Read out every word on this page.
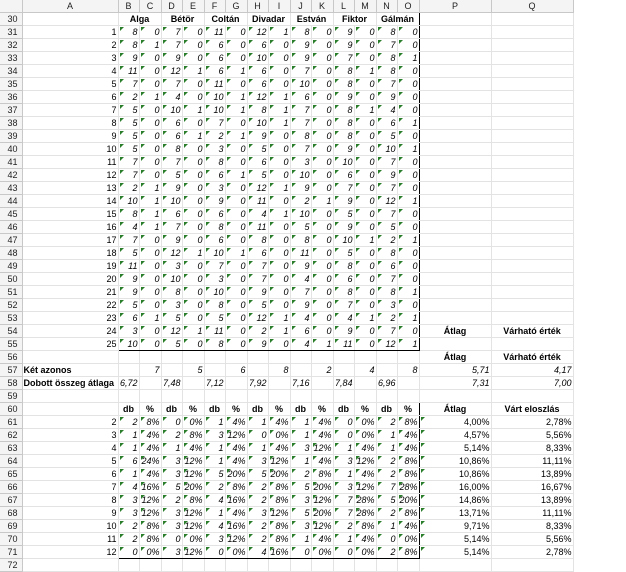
	A	B	C	D	E	F	G	H	I	J	K	L	M	N	O	P	Q
30		Alga		Bétör		Coltán		Divadar		Estván		Fiktor		Gálmán			
31	1	8	0	7	0	11	0	12	1	8	0	9	0	8	0		
32	2	8	1	7	0	6	0	6	0	9	0	9	0	7	0		
33	3	9	0	9	0	6	0	10	0	9	0	7	0	8	1		
34	4	11	0	12	1	6	1	6	0	7	0	8	1	8	0		
35	5	7	0	7	0	11	0	6	0	10	0	8	0	7	0		
36	6	2	1	4	0	10	1	12	1	6	0	9	0	9	0		
37	7	5	0	10	1	10	1	8	1	7	0	8	1	4	0		
38	8	5	0	6	0	7	0	10	1	7	0	8	0	6	1		
39	9	5	0	6	1	2	1	9	0	8	0	8	0	5	0		
40	10	5	0	8	0	3	0	5	0	7	0	9	0	10	1		
41	11	7	0	7	0	8	0	6	0	3	0	10	0	7	0		
42	12	7	0	5	0	6	1	5	0	10	0	6	0	9	0		
43	13	2	1	9	0	3	0	12	1	9	0	7	0	7	0		
44	14	10	1	10	0	9	0	11	0	2	1	9	0	12	1		
45	15	8	1	6	0	6	0	4	1	10	0	5	0	7	0		
46	16	4	1	7	0	8	0	11	0	5	0	9	0	5	0		
47	17	7	0	9	0	6	0	8	0	8	0	10	1	2	1		
48	18	5	0	12	1	10	1	6	0	11	0	5	0	8	0		
49	19	11	0	3	0	7	0	7	0	9	0	8	0	6	0		
50	20	9	0	10	0	3	0	7	0	4	0	6	0	7	0		
51	21	9	0	8	0	10	0	9	0	7	0	8	0	8	1		
52	22	5	0	3	0	8	0	5	0	9	0	7	0	3	0		
53	23	6	1	5	0	5	0	12	1	4	0	4	1	2	1		
54	24	3	0	12	1	11	0	2	1	6	0	9	0	7	0	Átlag	Várható érték
55	25	10	0	5	0	8	0	9	0	4	1	11	0	12	1		
56																Átlag	Várható érték
57	Két azonos		7		5		6		8		2		4		8	5,71	4,17
58	Dobott összeg átlaga	6,72		7,48		7,12		7,92		7,16		7,84		6,96		7,31	7,00
59																	
60		db	%	db	%	db	%	db	%	db	%	db	%	db	%	Átlag	Várt eloszlás
61	2	2	8%	0	0%	1	4%	1	4%	1	4%	0	0%	2	8%	4,00%	2,78%
62	3	1	4%	2	8%	3	12%	0	0%	1	4%	0	0%	1	4%	4,57%	5,56%
63	4	1	4%	1	4%	1	4%	1	4%	3	12%	1	4%	1	4%	5,14%	8,33%
64	5	6	24%	3	12%	1	4%	3	12%	1	4%	3	12%	2	8%	10,86%	11,11%
65	6	1	4%	3	12%	5	20%	5	20%	2	8%	1	4%	2	8%	10,86%	13,89%
66	7	4	16%	5	20%	2	8%	2	8%	5	20%	3	12%	7	28%	16,00%	16,67%
67	8	3	12%	2	8%	4	16%	2	8%	3	12%	7	28%	5	20%	14,86%	13,89%
68	9	3	12%	3	12%	1	4%	3	12%	5	20%	7	28%	2	8%	13,71%	11,11%
69	10	2	8%	3	12%	4	16%	2	8%	3	12%	2	8%	1	4%	9,71%	8,33%
70	11	2	8%	0	0%	3	12%	2	8%	1	4%	1	4%	0	0%	5,14%	5,56%
71	12	0	0%	3	12%	0	0%	4	16%	0	0%	0	0%	2	8%	5,14%	2,78%
72																	
